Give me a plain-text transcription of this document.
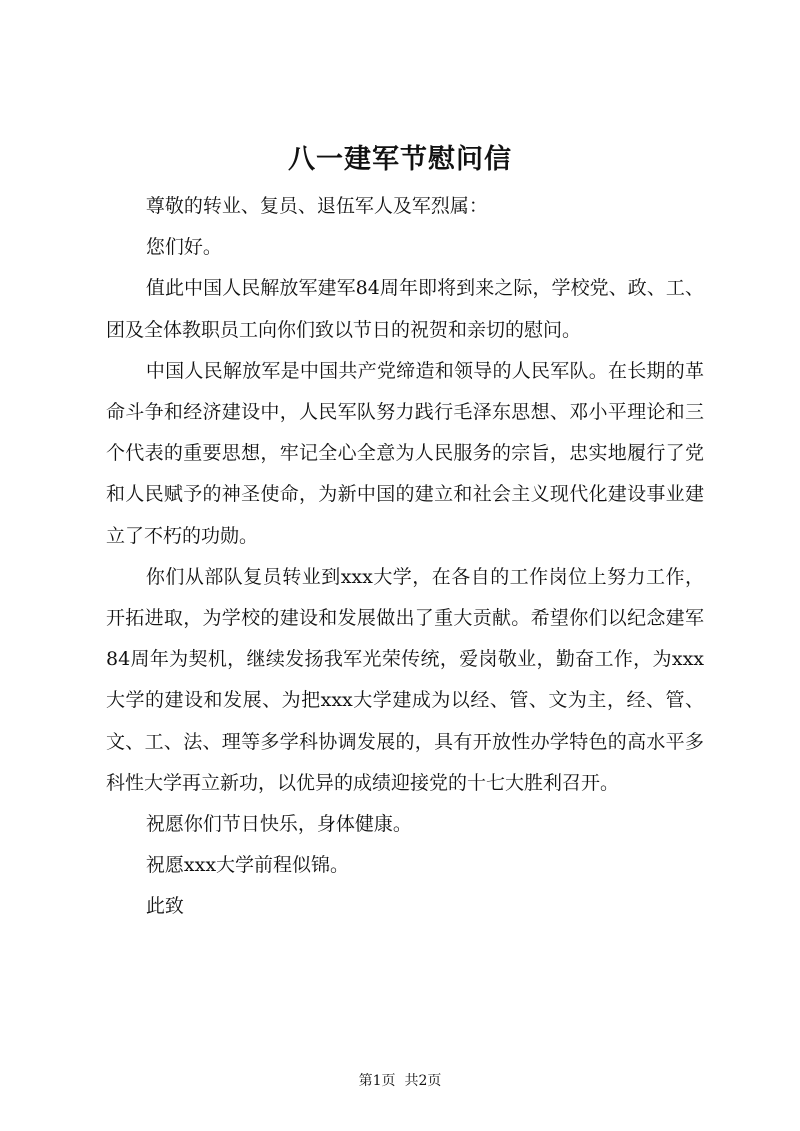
八一建军节慰问信

尊敬的转业、复员、退伍军人及军烈属：

您们好。

值此中国人民解放军建军84周年即将到来之际，学校党、政、工、团及全体教职员工向你们致以节日的祝贺和亲切的慰问。

中国人民解放军是中国共产党缔造和领导的人民军队。在长期的革命斗争和经济建设中，人民军队努力践行毛泽东思想、邓小平理论和三个代表的重要思想，牢记全心全意为人民服务的宗旨，忠实地履行了党和人民赋予的神圣使命，为新中国的建立和社会主义现代化建设事业建立了不朽的功勋。

你们从部队复员转业到xxx大学，在各自的工作岗位上努力工作，开拓进取，为学校的建设和发展做出了重大贡献。希望你们以纪念建军84周年为契机，继续发扬我军光荣传统，爱岗敬业，勤奋工作，为xxx大学的建设和发展、为把xxx大学建成为以经、管、文为主，经、管、文、工、法、理等多学科协调发展的，具有开放性办学特色的高水平多科性大学再立新功，以优异的成绩迎接党的十七大胜利召开。

祝愿你们节日快乐，身体健康。

祝愿xxx大学前程似锦。

此致

第1页  共2页
